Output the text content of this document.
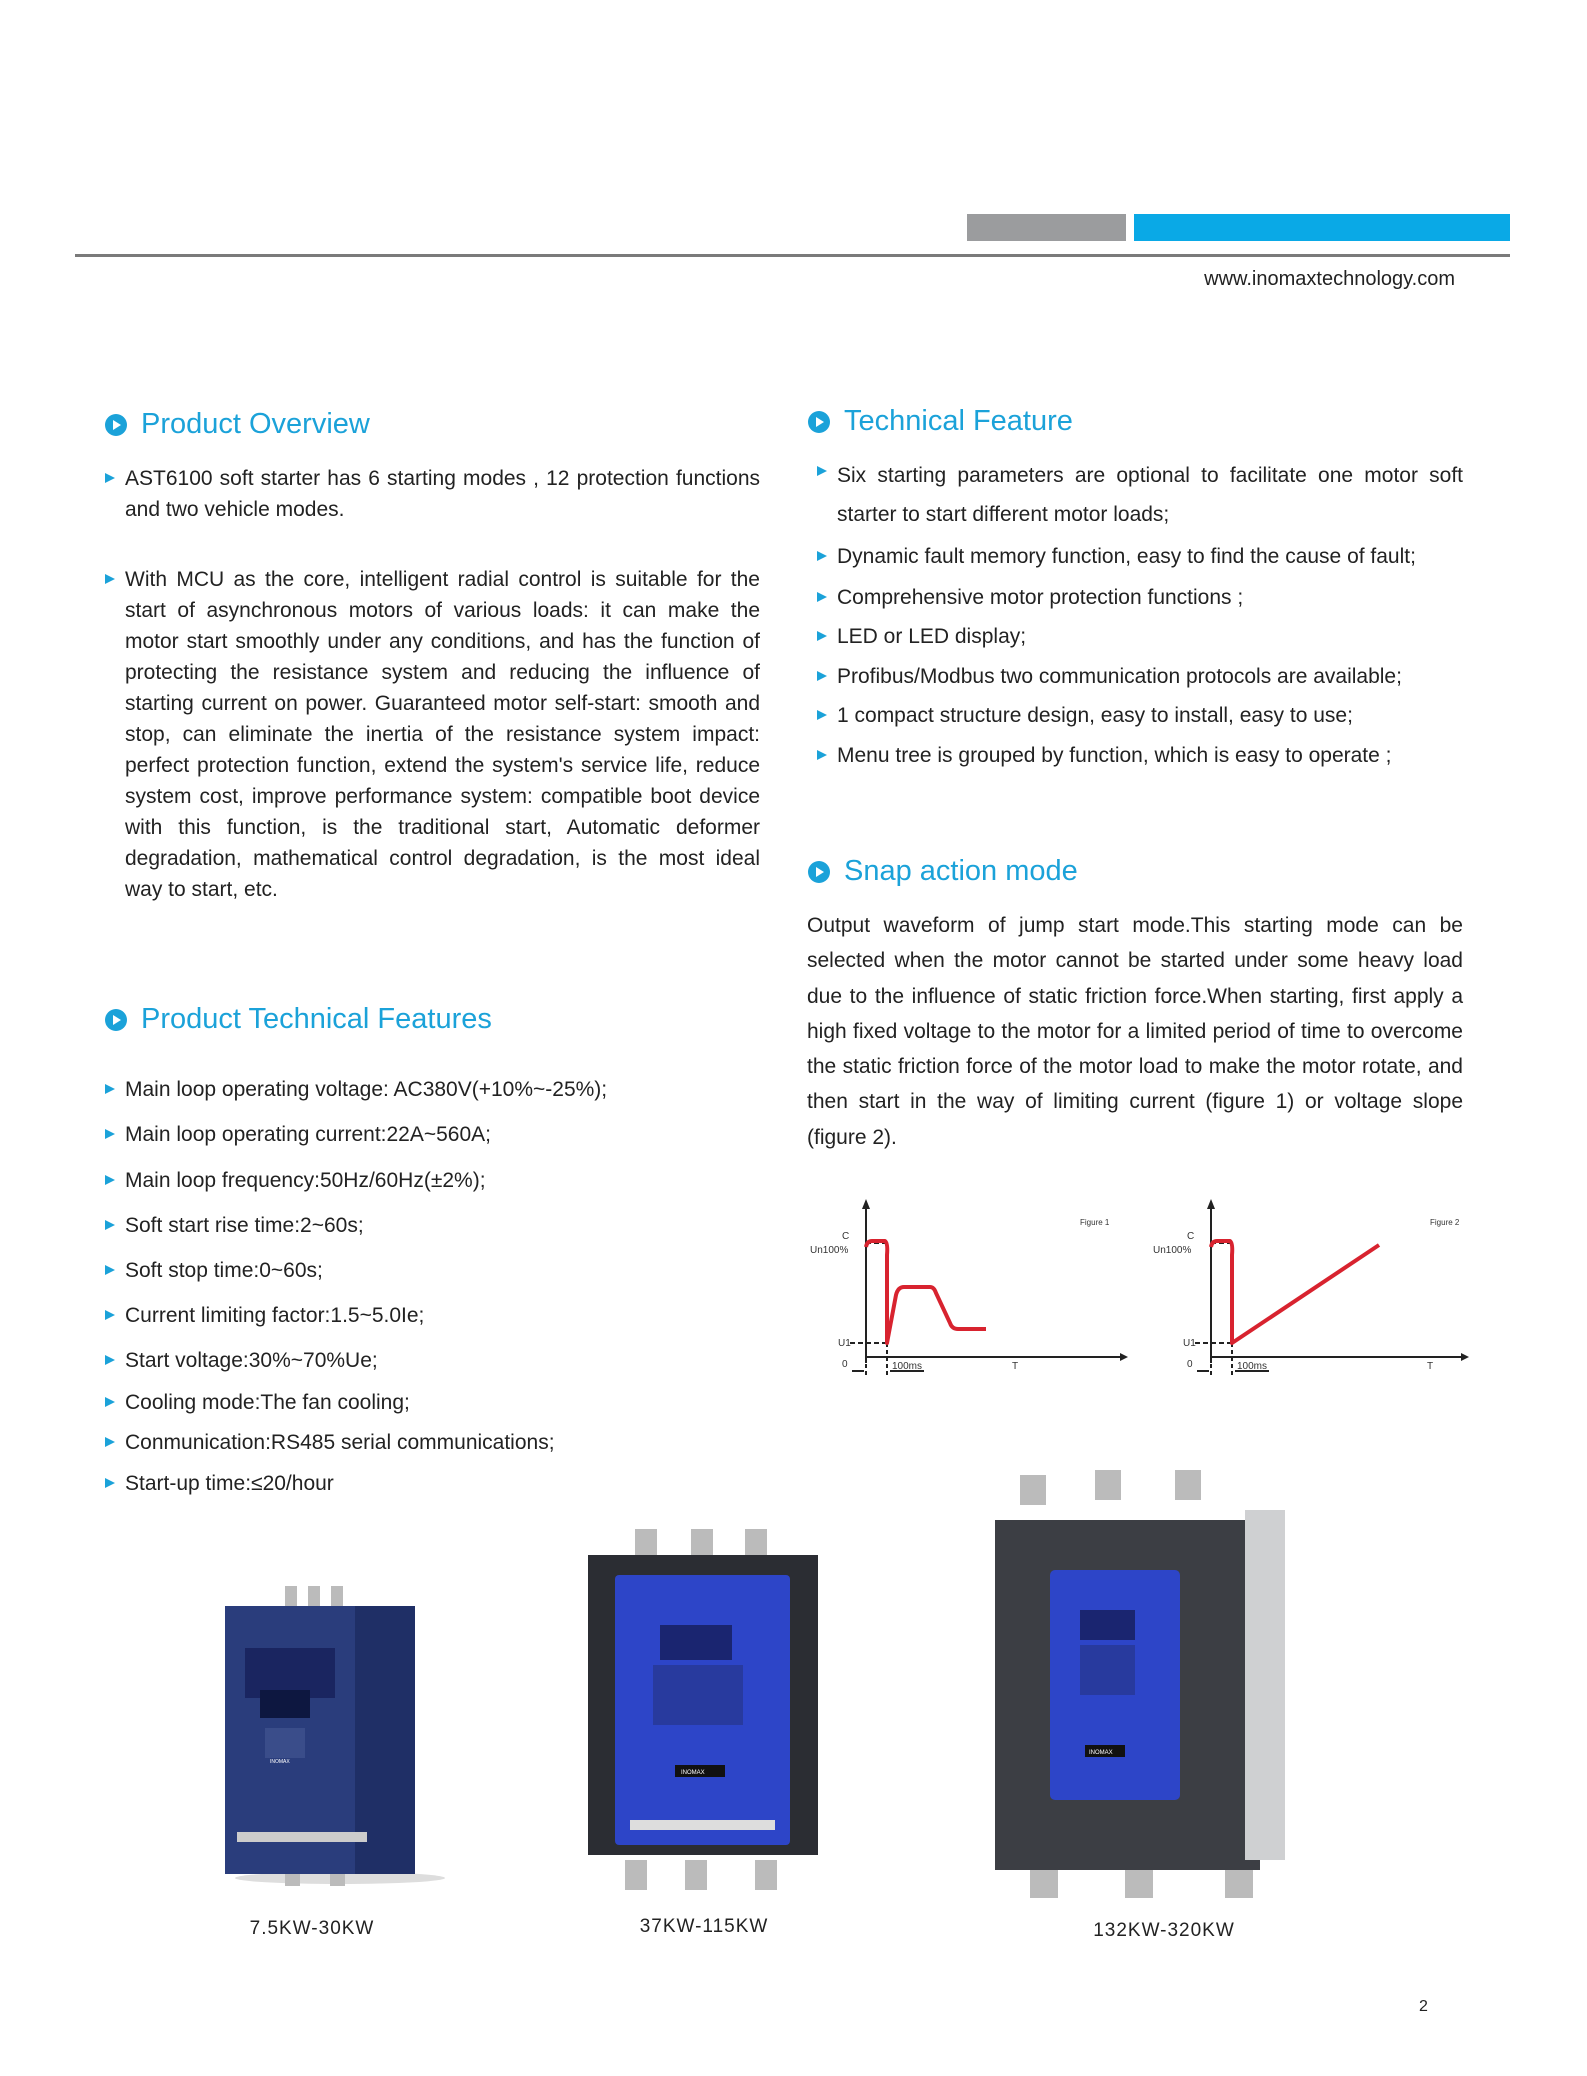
www.inomaxtechnology.com
Product Overview
AST6100 soft starter has 6 starting modes , 12 protection functions and two vehicle modes.
With MCU as the core, intelligent radial control is suitable for the start of asynchronous motors of various loads: it can make the motor start smoothly under any conditions, and has the function of protecting the resistance system and reducing the influence of starting current on power. Guaranteed motor self-start: smooth and stop, can eliminate the inertia of the resistance system impact: perfect protection function, extend the system's service life, reduce system cost, improve performance system: compatible boot device with this function, is the traditional start, Automatic deformer degradation, mathematical control degradation, is the most ideal way to start, etc.
Product Technical Features
Main loop operating voltage: AC380V(+10%~-25%);
Main loop operating current:22A~560A;
Main loop frequency:50Hz/60Hz(±2%);
Soft start rise time:2~60s;
Soft stop time:0~60s;
Current limiting factor:1.5~5.0Ie;
Start voltage:30%~70%Ue;
Cooling mode:The fan cooling;
Conmunication:RS485 serial communications;
Start-up time:≤20/hour
Technical Feature
Six starting parameters are optional to facilitate one motor soft starter to start different motor loads;
Dynamic fault memory function, easy to find the cause of fault;
Comprehensive motor protection functions ;
LED or LED display;
Profibus/Modbus two communication protocols are available;
1 compact structure design, easy to install, easy to use;
Menu tree is grouped by function, which is easy to operate ;
Snap action mode
Output waveform of jump start mode.This starting mode can be selected when the motor cannot be started under some heavy load due to the influence of static friction force.When starting, first apply a high fixed voltage to the motor for a limited period of time to overcome the static friction force of the motor load to make the motor rotate, and then start in the way of limiting current (figure 1) or voltage slope (figure 2).
C
Un100%
U1
0	100ms	T
Figure 1
C
Un100%
U1
0	100ms	T
Figure 2
INOMAX
INOMAX
INOMAX
7.5KW-30KW	37KW-115KW	132KW-320KW
2
